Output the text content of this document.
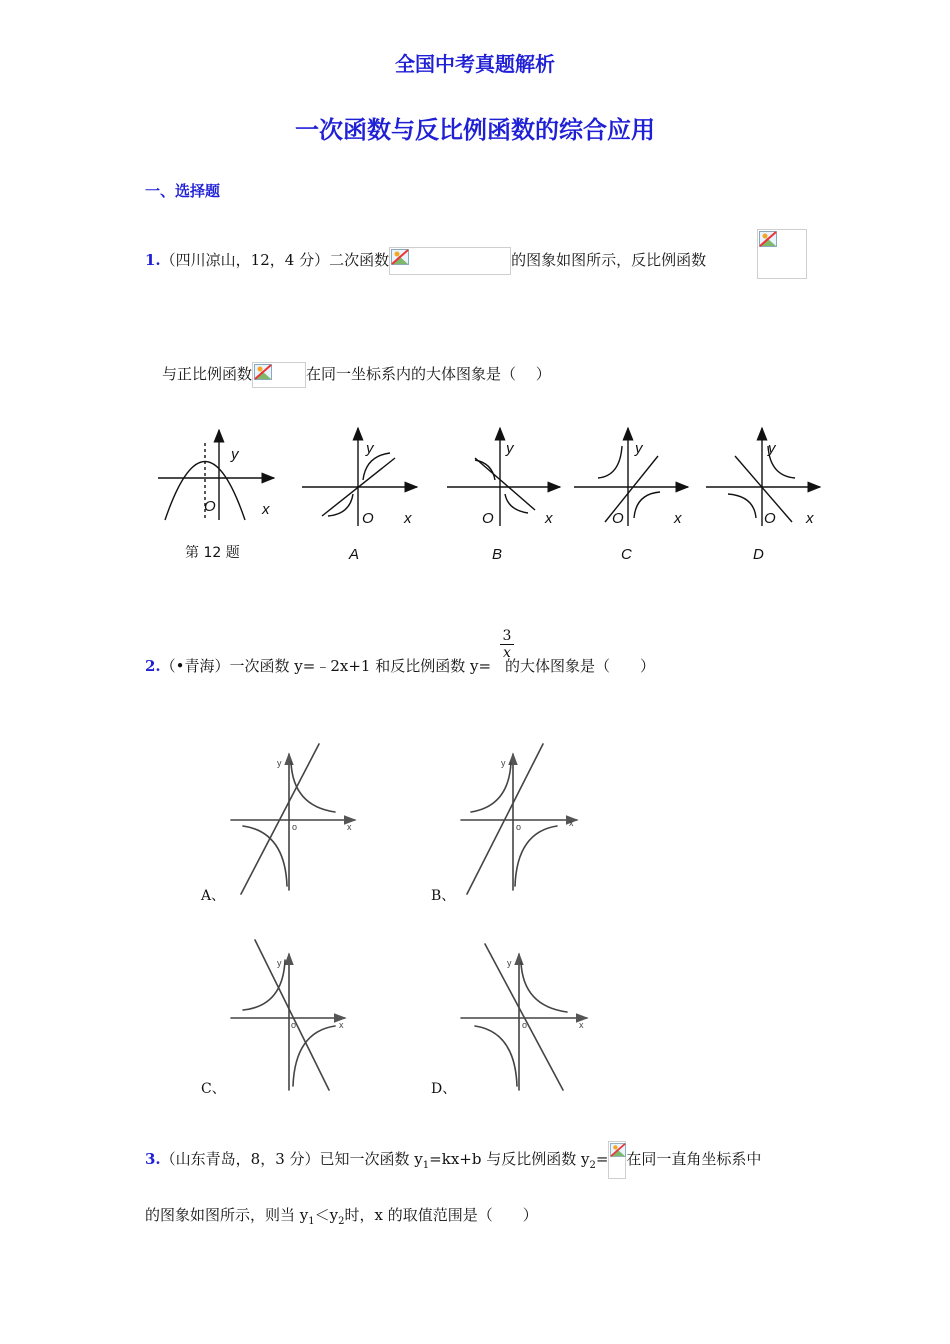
全国中考真题解析
一次函数与反比例函数的综合应用
一、选择题
1.（四川凉山，12，4 分）二次函数	的图象如图所示，反比例函数
与正比例函数	在同一坐标系内的大体图象是（　 ）
y
O	x
y
O x
y
O	x
y
O	x
y
O x
第 12 题	A	B	C	D
2.（•青海）一次函数 y=﹣2x+1 和反比例函数 y= 的大体图象是（　　）
$\frac{3}{x}$
y
o	x
y
o	x
y
o	x
y
o	x
A、	B、
C、	D、
3.（山东青岛，8，3 分）已知一次函数 $y_1=kx+b$ 与反比例函数 $y_2=$ 在同一直角坐标系中
的图象如图所示，则当 $y_1<y_2$时，x 的取值范围是（　　）
